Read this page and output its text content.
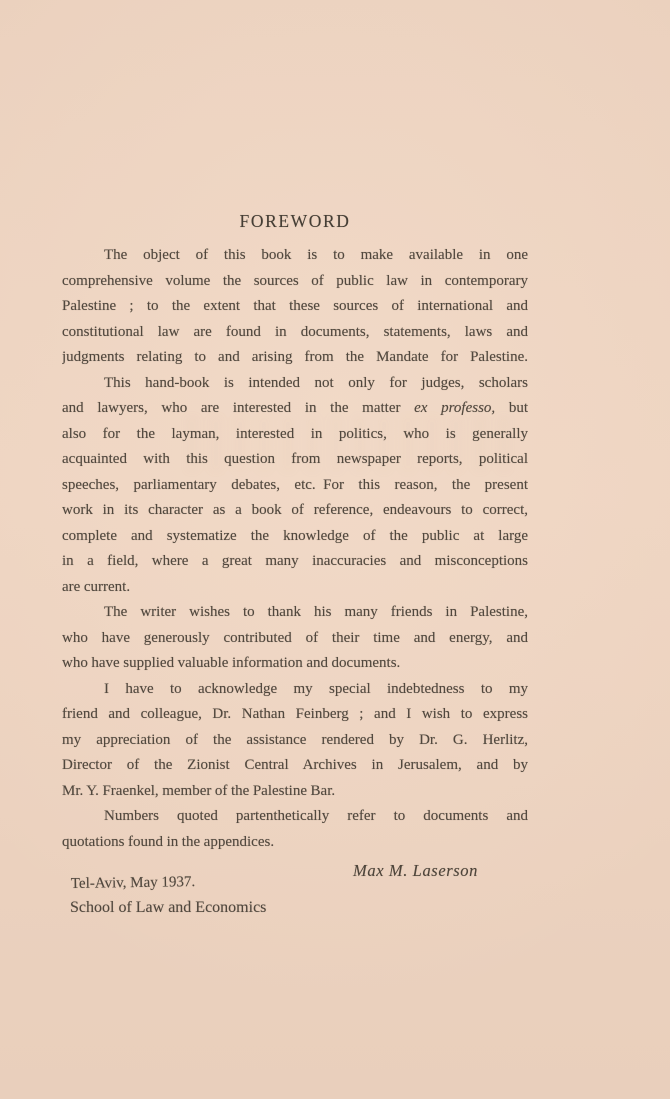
FOREWORD
The object of this book is to make available in one
comprehensive volume the sources of public law in contemporary
Palestine ; to the extent that these sources of international and
constitutional law are found in documents, statements, laws and
judgments relating to and arising from the Mandate for Palestine.
This hand-book is intended not only for judges, scholars
and lawyers, who are interested in the matter ex professo, but
also for the layman, interested in politics, who is generally
acquainted with this question from newspaper reports, political
speeches, parliamentary debates, etc. For this reason, the present
work in its character as a book of reference, endeavours to correct,
complete and systematize the knowledge of the public at large
in a field, where a great many inaccuracies and misconceptions
are current.
The writer wishes to thank his many friends in Palestine,
who have generously contributed of their time and energy, and
who have supplied valuable information and documents.
I have to acknowledge my special indebtedness to my
friend and colleague, Dr. Nathan Feinberg ; and I wish to express
my appreciation of the assistance rendered by Dr. G. Herlitz,
Director of the Zionist Central Archives in Jerusalem, and by
Mr. Y. Fraenkel, member of the Palestine Bar.
Numbers quoted partenthetically refer to documents and
quotations found in the appendices.
Max M. Laserson
Tel-Aviv, May 1937.
School of Law and Economics
